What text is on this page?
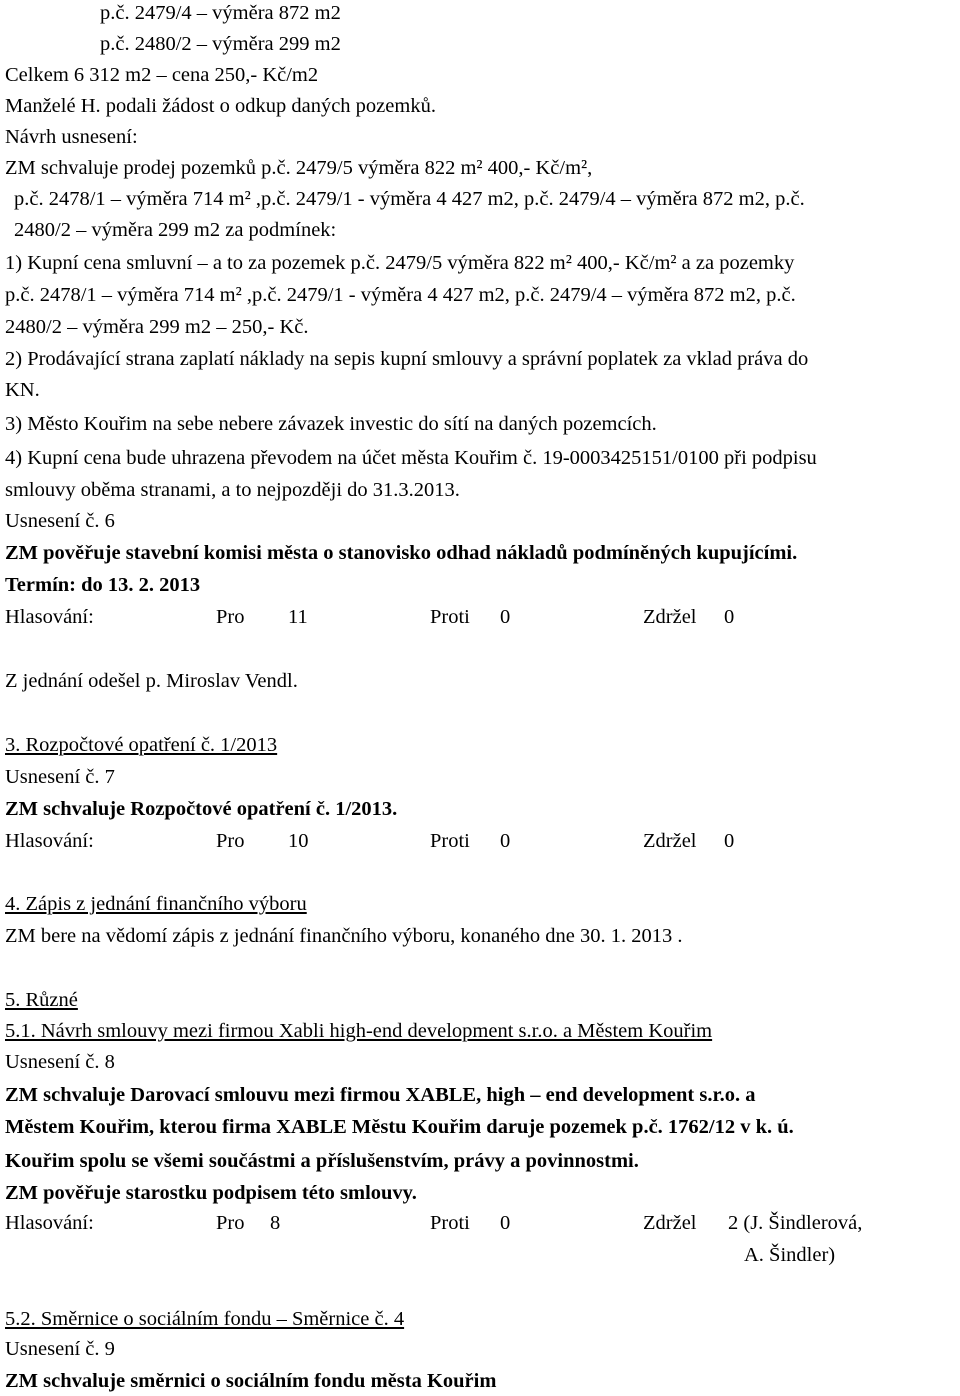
p.č. 2479/4 – výměra 872 m2
p.č. 2480/2 – výměra 299 m2
Celkem 6 312 m2 – cena 250,- Kč/m2
Manželé H. podali žádost o odkup daných pozemků.
Návrh usnesení:
ZM schvaluje prodej pozemků p.č. 2479/5 výměra 822 m² 400,- Kč/m²,
p.č. 2478/1 – výměra 714 m² ,p.č. 2479/1 - výměra 4 427 m2, p.č. 2479/4 – výměra 872 m2, p.č.
2480/2 – výměra 299 m2 za podmínek:
1) Kupní cena smluvní – a to za pozemek p.č. 2479/5 výměra 822 m² 400,- Kč/m² a za pozemky
p.č. 2478/1 – výměra 714 m² ,p.č. 2479/1 - výměra 4 427 m2, p.č. 2479/4 – výměra 872 m2, p.č.
2480/2 – výměra 299 m2 – 250,- Kč.
2) Prodávající strana zaplatí náklady na sepis kupní smlouvy a správní poplatek za vklad práva do
KN.
3) Město Kouřim na sebe nebere závazek investic do sítí na daných pozemcích.
4) Kupní cena bude uhrazena převodem na účet města Kouřim č. 19-0003425151/0100 při podpisu
smlouvy oběma stranami, a to nejpozději do 31.3.2013.
Usnesení č. 6
ZM pověřuje stavební komisi města o stanovisko odhad nákladů podmíněných kupujícími.
Termín: do 13. 2. 2013
Hlasování:	Pro 11	Proti 0	Zdržel 0
Z jednání odešel p. Miroslav Vendl.
3. Rozpočtové opatření č. 1/2013
Usnesení č. 7
ZM schvaluje Rozpočtové opatření č. 1/2013.
Hlasování:	Pro 10	Proti 0	Zdržel 0
4. Zápis z jednání finančního výboru
ZM bere na vědomí zápis z jednání finančního výboru, konaného dne 30. 1. 2013 .
5. Různé
5.1. Návrh smlouvy mezi firmou Xabli high-end development s.r.o. a Městem Kouřim
Usnesení č. 8
ZM schvaluje Darovací smlouvu mezi firmou XABLE, high – end development s.r.o. a
Městem Kouřim, kterou firma XABLE Městu Kouřim daruje pozemek p.č. 1762/12 v k. ú.
Kouřim spolu se všemi součástmi a příslušenstvím, právy a povinnostmi.
ZM pověřuje starostku podpisem této smlouvy.
Hlasování:	Pro 8	Proti 0	Zdržel 2 (J. Šindlerová,
A. Šindler)
5.2. Směrnice o sociálním fondu – Směrnice č. 4
Usnesení č. 9
ZM schvaluje směrnici o sociálním fondu města Kouřim
